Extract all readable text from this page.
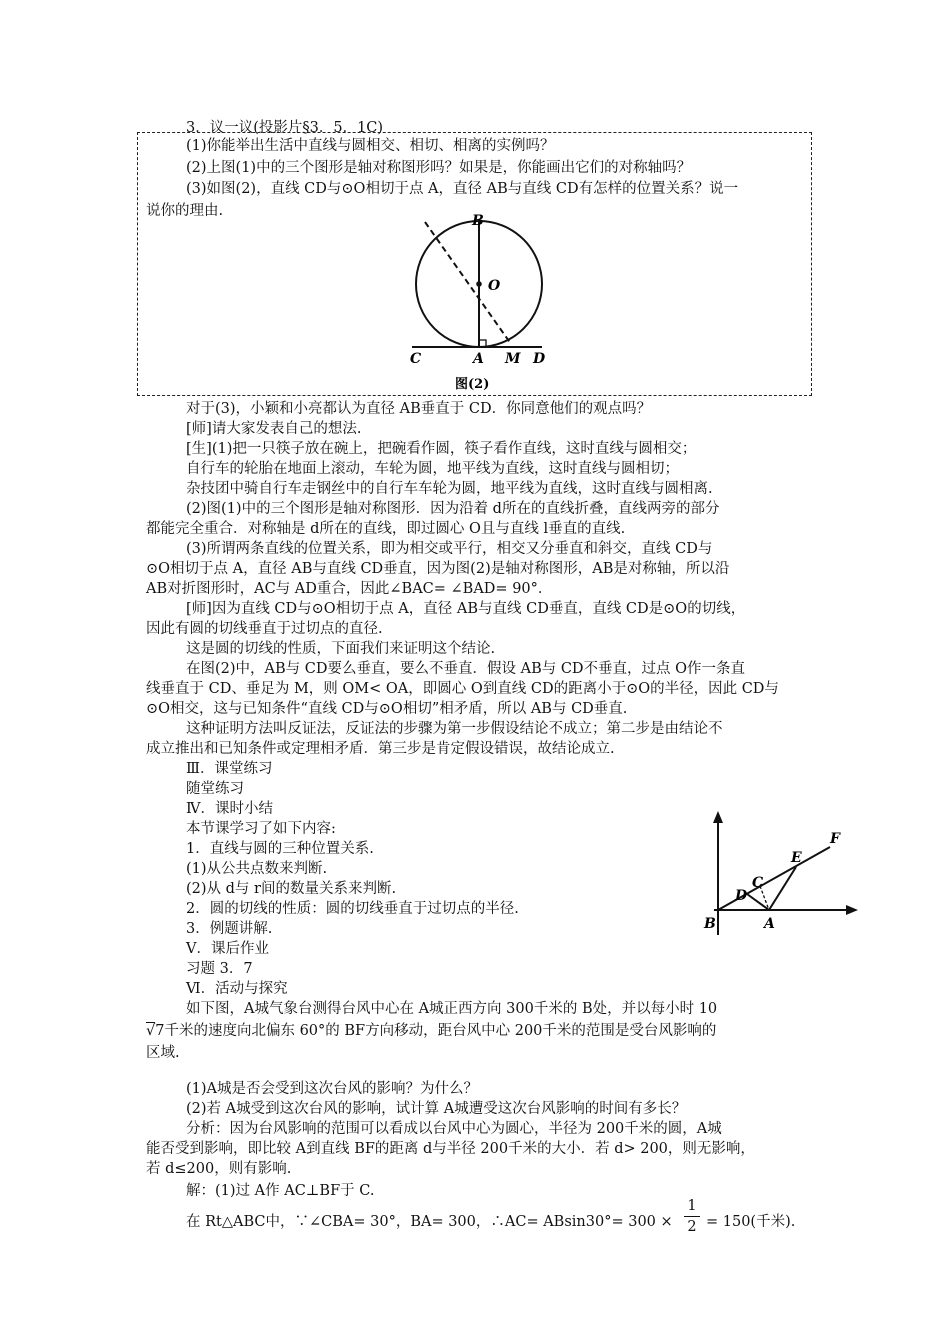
3．议一议(投影片§3．5．1C)
(1)你能举出生活中直线与圆相交、相切、相离的实例吗？
(2)上图(1)中的三个图形是轴对称图形吗？如果是，你能画出它们的对称轴吗？
(3)如图(2)，直线 CD与⊙O相切于点 A，直径 AB与直线 CD有怎样的位置关系？说一
说你的理由.
B
O
C	A M D
图(2)
对于(3)，小颖和小亮都认为直径 AB垂直于 CD．你同意他们的观点吗？
[师]请大家发表自己的想法.
[生](1)把一只筷子放在碗上，把碗看作圆，筷子看作直线，这时直线与圆相交；
自行车的轮胎在地面上滚动，车轮为圆，地平线为直线，这时直线与圆相切；
杂技团中骑自行车走钢丝中的自行车车轮为圆，地平线为直线，这时直线与圆相离.
(2)图(1)中的三个图形是轴对称图形．因为沿着 d所在的直线折叠，直线两旁的部分
都能完全重合．对称轴是 d所在的直线，即过圆心 O且与直线 l垂直的直线.
(3)所谓两条直线的位置关系，即为相交或平行，相交又分垂直和斜交，直线 CD与
⊙O相切于点 A，直径 AB与直线 CD垂直，因为图(2)是轴对称图形，AB是对称轴，所以沿
AB对折图形时，AC与 AD重合，因此∠BAC= ∠BAD= 90°．
[师]因为直线 CD与⊙O相切于点 A，直径 AB与直线 CD垂直，直线 CD是⊙O的切线，
因此有圆的切线垂直于过切点的直径.
这是圆的切线的性质，下面我们来证明这个结论.
在图(2)中，AB与 CD要么垂直，要么不垂直．假设 AB与 CD不垂直，过点 O作一条直
线垂直于 CD、垂足为 M，则 OM< OA，即圆心 O到直线 CD的距离小于⊙O的半径，因此 CD与
⊙O相交，这与已知条件“直线 CD与⊙O相切”相矛盾，所以 AB与 CD垂直.
这种证明方法叫反证法，反证法的步骤为第一步假设结论不成立；第二步是由结论不
成立推出和已知条件或定理相矛盾．第三步是肯定假设错误，故结论成立.
Ⅲ．课堂练习
随堂练习
Ⅳ．课时小结
本节课学习了如下内容:
1．直线与圆的三种位置关系.
(1)从公共点数来判断.
(2)从 d与 r间的数量关系来判断.
2．圆的切线的性质：圆的切线垂直于过切点的半径.
3．例题讲解.
Ⅴ．课后作业
习题 3．7
Ⅵ．活动与探究
如下图，A城气象台测得台风中心在 A城正西方向 300千米的 B处，并以每小时 10
√7千米的速度向北偏东 60°的 BF方向移动，距台风中心 200千米的范围是受台风影响的
区域.
(1)A城是否会受到这次台风的影响？为什么？
(2)若 A城受到这次台风的影响，试计算 A城遭受这次台风影响的时间有多长？
分析：因为台风影响的范围可以看成以台风中心为圆心，半径为 200千米的圆，A城
能否受到影响，即比较 A到直线 BF的距离 d与半径 200千米的大小．若 d> 200，则无影响，
若 d≤200，则有影响.
解：(1)过 A作 AC⊥BF于 C.
在 Rt△ABC中，∵∠CBA= 30°，BA= 300，∴AC= ABsin30°= 300 ×
1
2 = 150(千米).
F
E
C
D
B	A
